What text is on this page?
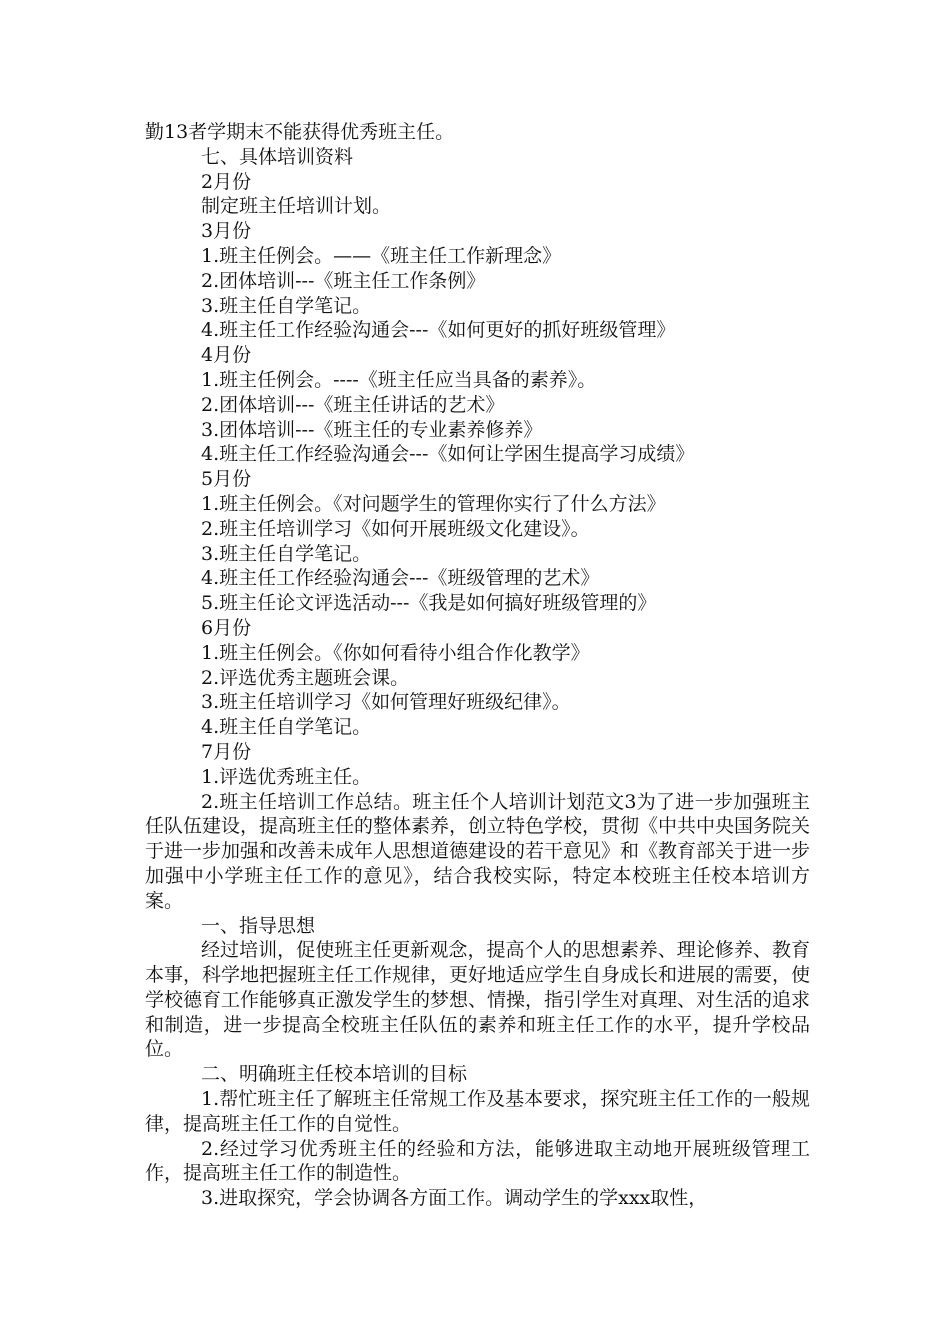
勤13者学期末不能获得优秀班主任。
七、具体培训资料
2月份
制定班主任培训计划。
3月份
1.班主任例会。——《班主任工作新理念》
2.团体培训---《班主任工作条例》
3.班主任自学笔记。
4.班主任工作经验沟通会---《如何更好的抓好班级管理》
4月份
1.班主任例会。----《班主任应当具备的素养》。
2.团体培训---《班主任讲话的艺术》
3.团体培训---《班主任的专业素养修养》
4.班主任工作经验沟通会---《如何让学困生提高学习成绩》
5月份
1.班主任例会。《对问题学生的管理你实行了什么方法》
2.班主任培训学习《如何开展班级文化建设》。
3.班主任自学笔记。
4.班主任工作经验沟通会---《班级管理的艺术》
5.班主任论文评选活动---《我是如何搞好班级管理的》
6月份
1.班主任例会。《你如何看待小组合作化教学》
2.评选优秀主题班会课。
3.班主任培训学习《如何管理好班级纪律》。
4.班主任自学笔记。
7月份
1.评选优秀班主任。

2.班主任培训工作总结。班主任个人培训计划范文3为了进一步加强班主任队伍建设，提高班主任的整体素养，创立特色学校，贯彻《中共中央国务院关于进一步加强和改善未成年人思想道德建设的若干意见》和《教育部关于进一步加强中小学班主任工作的意见》，结合我校实际，特定本校班主任校本培训方案。

一、指导思想

经过培训，促使班主任更新观念，提高个人的思想素养、理论修养、教育本事，科学地把握班主任工作规律，更好地适应学生自身成长和进展的需要，使学校德育工作能够真正激发学生的梦想、情操，指引学生对真理、对生活的追求和制造，进一步提高全校班主任队伍的素养和班主任工作的水平，提升学校品位。

二、明确班主任校本培训的目标

1.帮忙班主任了解班主任常规工作及基本要求，探究班主任工作的一般规律，提高班主任工作的自觉性。

2.经过学习优秀班主任的经验和方法，能够进取主动地开展班级管理工作，提高班主任工作的制造性。

3.进取探究，学会协调各方面工作。调动学生的学xxx取性，
